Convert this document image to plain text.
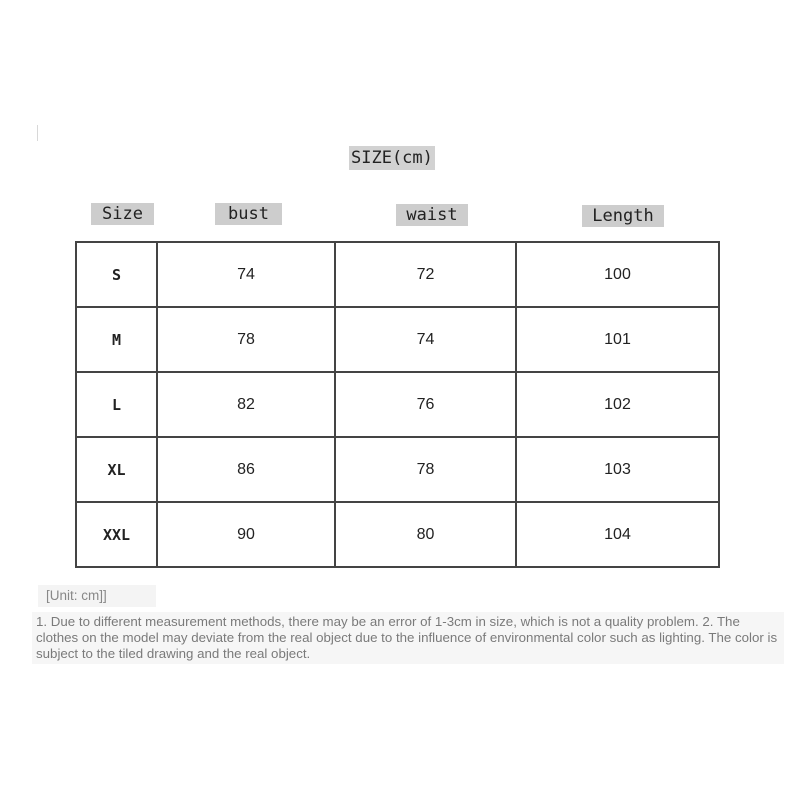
SIZE(cm)
Size	bust	waist	Length
S	74	72	100
M	78	74	101
L	82	76	102
XL	86	78	103
XXL	90	80	104
[Unit: cm]]
1. Due to different measurement methods, there may be an error of 1-3cm in size, which is not a quality problem. 2. The clothes on the model may deviate from the real object due to the influence of environmental color such as lighting. The color is subject to the tiled drawing and the real object.
